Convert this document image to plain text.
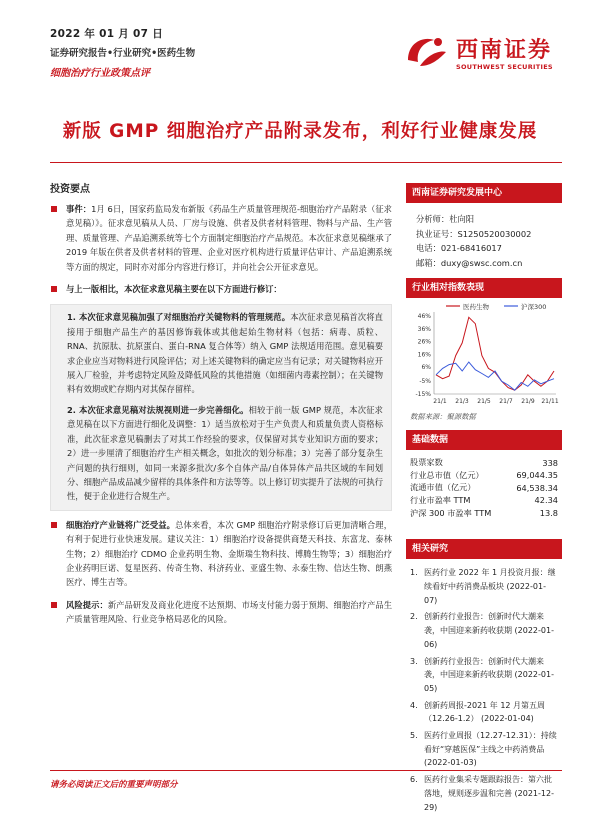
2022 年 01 月 07 日
证券研究报告•行业研究•医药生物
细胞治疗行业政策点评
西南证券
SOUTHWEST SECURITIES
新版 GMP 细胞治疗产品附录发布，利好行业健康发展
投资要点
事件：1月 6日，国家药监局发布新版《药品生产质量管理规范-细胞治疗产品附录（征求意见稿）》。征求意见稿从人员、厂房与设施、供者及供者材料管理、物料与产品、生产管理、质量管理、产品追溯系统等七个方面制定细胞治疗产品规范。本次征求意见稿继承了 2019 年版在供者及供者材料的管理、企业对医疗机构进行质量评估审计、产品追溯系统等方面的规定，同时亦对部分内容进行修订，并向社会公开征求意见。
与上一版相比，本次征求意见稿主要在以下方面进行修订：

1. 本次征求意见稿加强了对细胞治疗关键物料的管理规范。本次征求意见稿首次将直接用于细胞产品生产的基因修饰载体或其他起始生物材料（包括：病毒、质粒、RNA、抗原肽、抗原蛋白、蛋白-RNA 复合体等）纳入 GMP 法规适用范围。意见稿要求企业应当对物料进行风险评估；对上述关键物料的确定应当有记录；对关键物料应开展入厂检验，并考虑特定风险及降低风险的其他措施（如细菌内毒素控制）；在关键物料有效期或贮存期内对其保存留样。

2. 本次征求意见稿对法规视则进一步完善细化。相较于前一版 GMP 规范，本次征求意见稿在以下方面进行细化及调整：1）适当放松对于生产负责人和质量负责人资格标准，此次征求意见稿删去了对其工作经验的要求，仅保留对其专业知识方面的要求；2）进一步厘清了细胞治疗生产相关概念，如批次的划分标准；3）完善了部分复杂生产问题的执行细则，如同一来源多批次/多个自体产品/自体异体产品共区域的车间划分、细胞产品成品减少留样的具体条件和方法等等。以上修订切实提升了法规的可执行性，便于企业进行合规生产。

细胞治疗产业链将广泛受益。总体来看，本次 GMP 细胞治疗附录修订后更加清晰合理，有利于促进行业快速发展。建议关注：1）细胞治疗设备提供商楚天科技、东富龙、泰林生物；2）细胞治疗 CDMO 企业药明生物、金斯瑞生物科技、博腾生物等；3）细胞治疗企业药明巨诺、复星医药、传奇生物、科济药业、亚盛生物、永泰生物、信达生物、朗燕医疗、博生吉等。
风险提示：新产品研发及商业化进度不达预期、市场支付能力弱于预期、细胞治疗产品生产质量管理风险、行业竞争格局恶化的风险。
西南证券研究发展中心
分析师：杜向阳
执业证号：S1250520030002
电话：021-68416017
邮箱：duxy@swsc.com.cn
行业相对指数表现
医药生物	沪深300
46%
36%
26%
16%
6%
-5%
-15%
21/1 21/3 21/5 21/7 21/9 21/11
数据来源：聚源数据
基础数据
股票家数	338
行业总市值（亿元）	69,044.35
流通市值（亿元）	64,538.34
行业市盈率 TTM	42.34
沪深 300 市盈率 TTM	13.8
相关研究
1. 医药行业 2022 年 1 月投资月报：继续看好中药消费品板块 (2022-01-07)
2. 创新药行业报告：创新时代大潮来袭，中国迎来新药收获期 (2022-01-06)
3. 创新药行业报告：创新时代大潮来袭，中国迎来新药收获期 (2022-01-05)
4. 创新药周报-2021 年 12 月第五周（12.26-1.2） (2022-01-04)
5. 医药行业周报（12.27-12.31）：持续看好“穿越医保”主线之中药消费品 (2022-01-03)
6. 医药行业集采专题跟踪报告：第六批落地，规则逐步温和完善 (2021-12-29)
请务必阅读正文后的重要声明部分
